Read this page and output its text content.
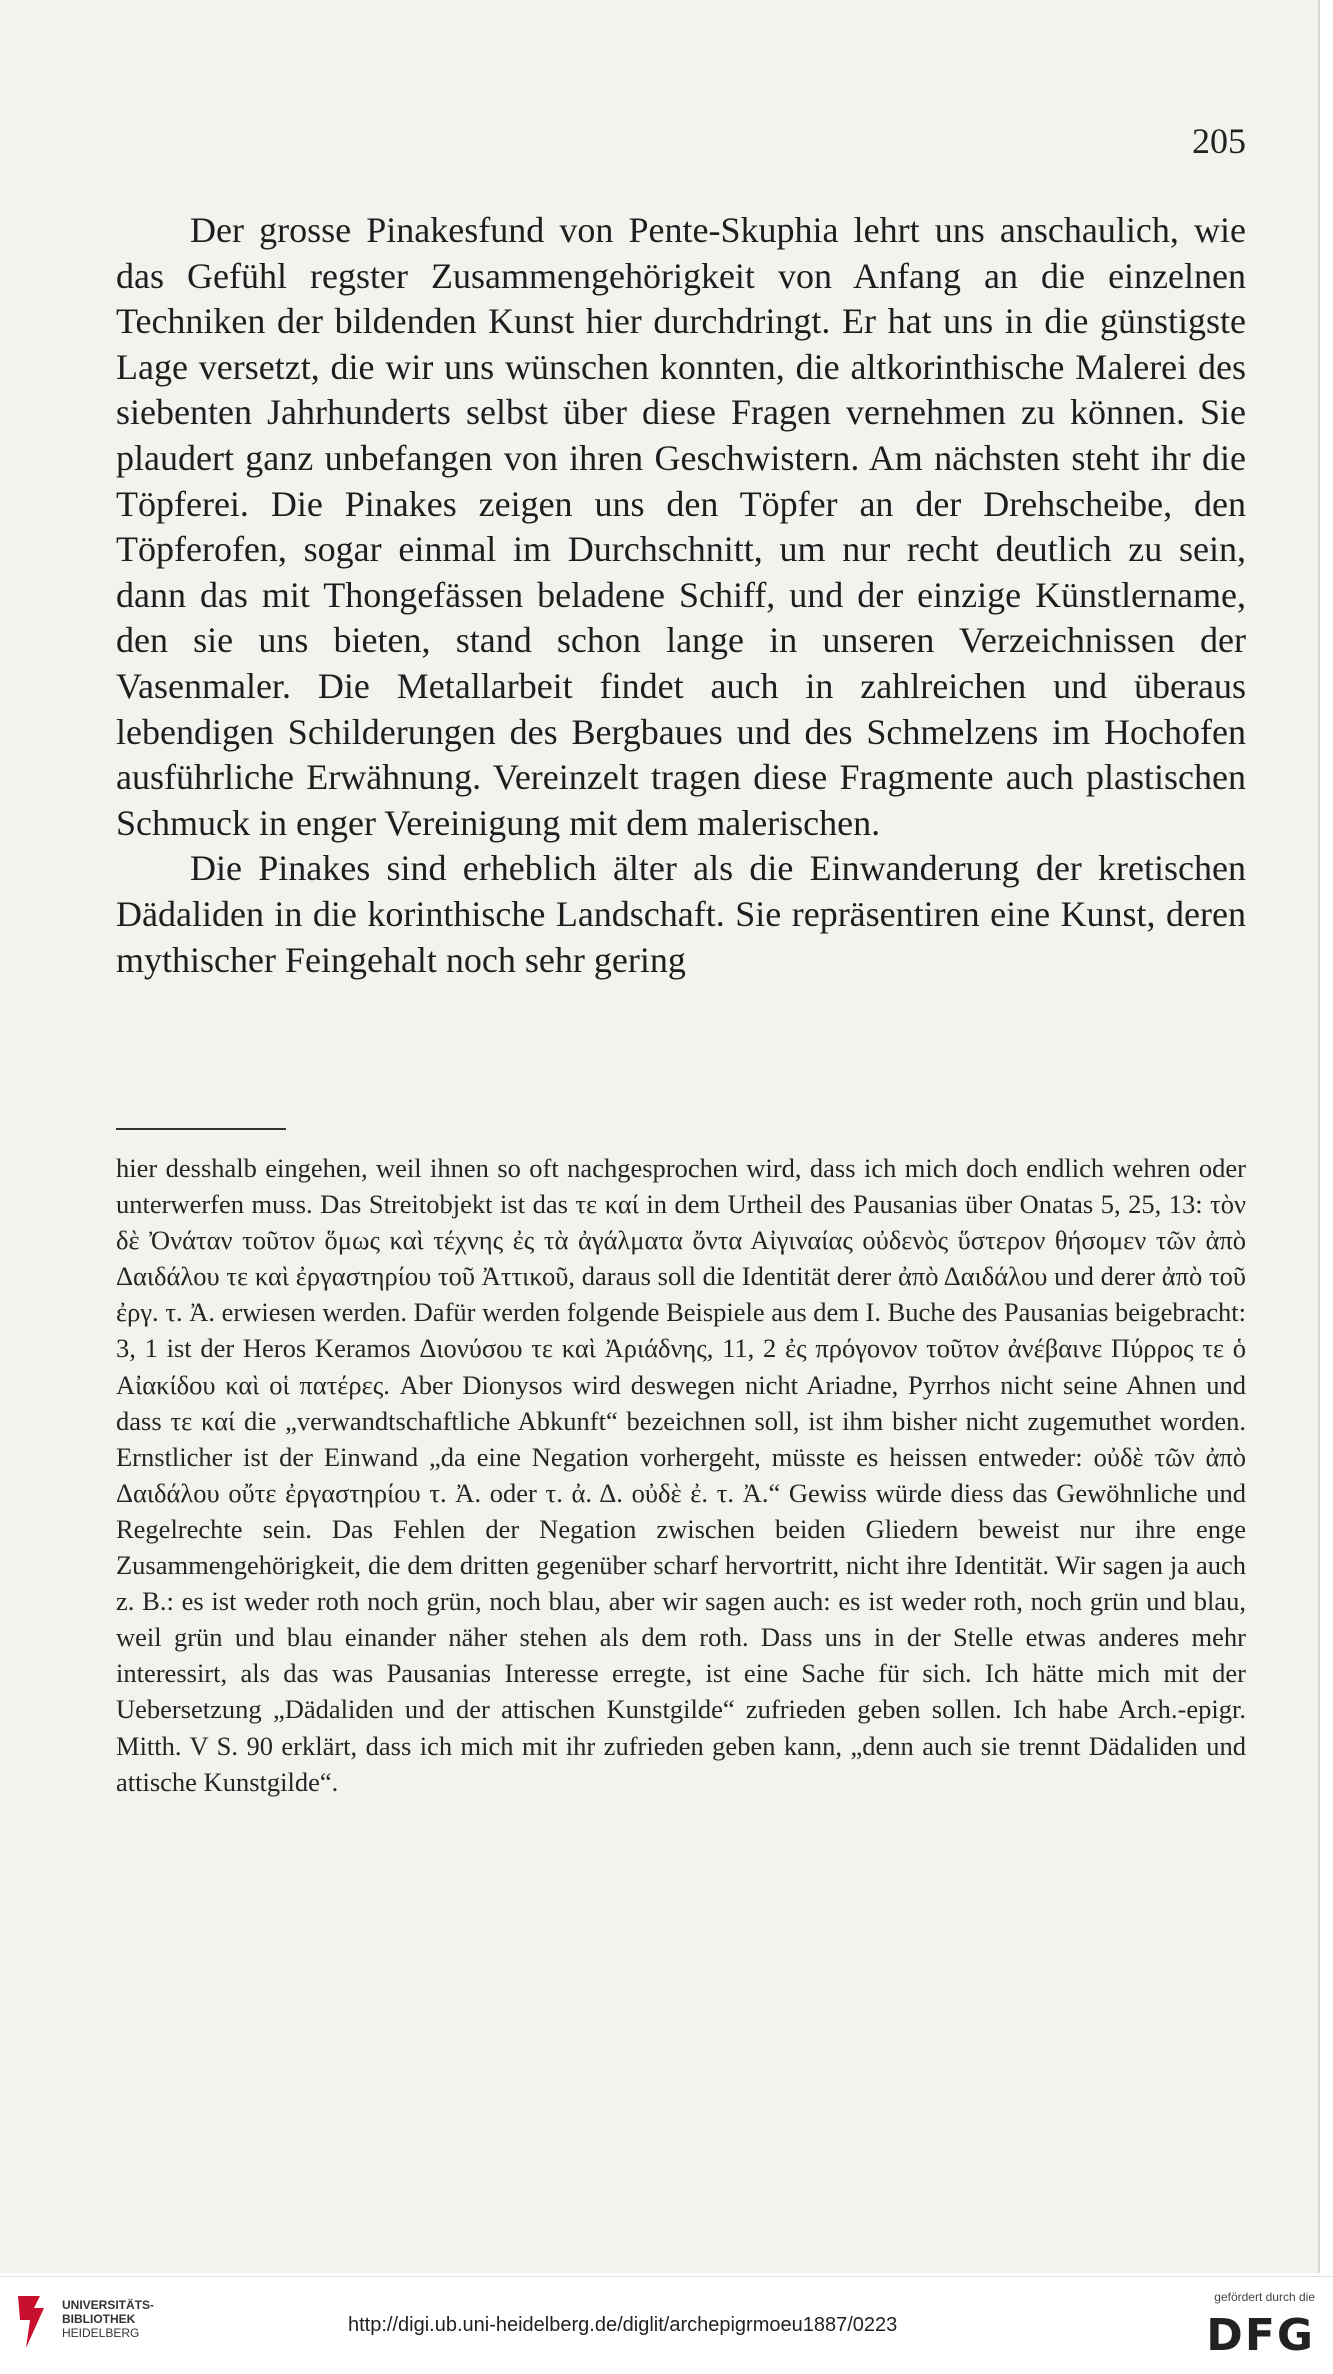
205

Der grosse Pinakesfund von Pente-Skuphia lehrt uns anschaulich, wie das Gefühl regster Zusammengehörigkeit von Anfang an die einzelnen Techniken der bildenden Kunst hier durchdringt. Er hat uns in die günstigste Lage versetzt, die wir uns wünschen konnten, die altkorinthische Malerei des siebenten Jahrhunderts selbst über diese Fragen vernehmen zu können. Sie plaudert ganz unbefangen von ihren Geschwistern. Am nächsten steht ihr die Töpferei. Die Pinakes zeigen uns den Töpfer an der Drehscheibe, den Töpferofen, sogar einmal im Durchschnitt, um nur recht deutlich zu sein, dann das mit Thongefässen beladene Schiff, und der einzige Künstlername, den sie uns bieten, stand schon lange in unseren Verzeichnissen der Vasenmaler. Die Metallarbeit findet auch in zahlreichen und überaus lebendigen Schilderungen des Bergbaues und des Schmelzens im Hochofen ausführliche Erwähnung. Vereinzelt tragen diese Fragmente auch plastischen Schmuck in enger Vereinigung mit dem malerischen.

Die Pinakes sind erheblich älter als die Einwanderung der kretischen Dädaliden in die korinthische Landschaft. Sie repräsentiren eine Kunst, deren mythischer Feingehalt noch sehr gering

hier desshalb eingehen, weil ihnen so oft nachgesprochen wird, dass ich mich doch endlich wehren oder unterwerfen muss. Das Streitobjekt ist das τε καί in dem Urtheil des Pausanias über Onatas 5, 25, 13: τὸν δὲ Ὀνάταν τοῦτον ὅμως καὶ τέχνης ἐς τὰ ἀγάλματα ὄντα Αἰγιναίας οὐδενὸς ὕστερον θήσομεν τῶν ἀπὸ Δαιδάλου τε καὶ ἐργαστηρίου τοῦ Ἀττικοῦ, daraus soll die Identität derer ἀπὸ Δαιδάλου und derer ἀπὸ τοῦ ἐργ. τ. Ἀ. erwiesen werden. Dafür werden folgende Beispiele aus dem I. Buche des Pausanias beigebracht: 3, 1 ist der Heros Keramos Διονύσου τε καὶ Ἀριάδνης, 11, 2 ἐς πρόγονον τοῦτον ἀνέβαινε Πύρρος τε ὁ Αἰακίδου καὶ οἱ πατέρες. Aber Dionysos wird deswegen nicht Ariadne, Pyrrhos nicht seine Ahnen und dass τε καί die „verwandtschaftliche Abkunft“ bezeichnen soll, ist ihm bisher nicht zugemuthet worden. Ernstlicher ist der Einwand „da eine Negation vorhergeht, müsste es heissen entweder: οὐδὲ τῶν ἀπὸ Δαιδάλου οὔτε ἐργαστηρίου τ. Ἀ. oder τ. ἀ. Δ. οὐδὲ ἐ. τ. Ἀ.“ Gewiss würde diess das Gewöhnliche und Regelrechte sein. Das Fehlen der Negation zwischen beiden Gliedern beweist nur ihre enge Zusammengehörigkeit, die dem dritten gegenüber scharf hervortritt, nicht ihre Identität. Wir sagen ja auch z. B.: es ist weder roth noch grün, noch blau, aber wir sagen auch: es ist weder roth, noch grün und blau, weil grün und blau einander näher stehen als dem roth. Dass uns in der Stelle etwas anderes mehr interessirt, als das was Pausanias Interesse erregte, ist eine Sache für sich. Ich hätte mich mit der Uebersetzung „Dädaliden und der attischen Kunstgilde“ zufrieden geben sollen. Ich habe Arch.-epigr. Mitth. V S. 90 erklärt, dass ich mich mit ihr zufrieden geben kann, „denn auch sie trennt Dädaliden und attische Kunstgilde“.

UNIVERSITÄTS-
BIBLIOTHEK
HEIDELBERG	http://digi.ub.uni-heidelberg.de/diglit/archepigrmoeu1887/0223
gefördert durch die
DFG
